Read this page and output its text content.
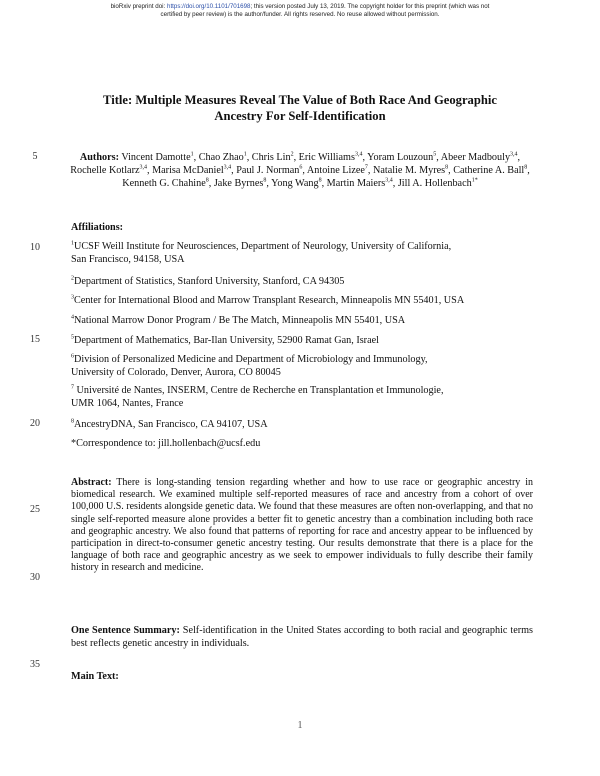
bioRxiv preprint doi: https://doi.org/10.1101/701698; this version posted July 13, 2019. The copyright holder for this preprint (which was not
certified by peer review) is the author/funder. All rights reserved. No reuse allowed without permission.
Title: Multiple Measures Reveal The Value of Both Race And Geographic
Ancestry For Self-Identification
5
10
15
20
25
30
35
Authors: Vincent Damotte$^1$, Chao Zhao$^1$, Chris Lin$^2$, Eric Williams$^{3,4}$, Yoram Louzoun$^5$, Abeer Madbouly$^{3,4}$, Rochelle Kotlarz$^{3,4}$, Marisa McDaniel$^{3,4}$, Paul J. Norman$^6$, Antoine Lizee$^7$, Natalie M. Myres$^8$, Catherine A. Ball$^8$, Kenneth G. Chahine$^8$, Jake Byrnes$^8$, Yong Wang$^8$, Martin Maiers$^{3,4}$, Jill A. Hollenbach$^{1*}$
Affiliations:
$^1$UCSF Weill Institute for Neurosciences, Department of Neurology, University of California,
San Francisco, 94158, USA
$^2$Department of Statistics, Stanford University, Stanford, CA 94305
$^3$Center for International Blood and Marrow Transplant Research, Minneapolis MN 55401, USA
$^4$National Marrow Donor Program / Be The Match, Minneapolis MN 55401, USA
$^5$Department of Mathematics, Bar-Ilan University, 52900 Ramat Gan, Israel
$^6$Division of Personalized Medicine and Department of Microbiology and Immunology,
University of Colorado, Denver, Aurora, CO 80045
$^7$ Université de Nantes, INSERM, Centre de Recherche en Transplantation et Immunologie,
UMR 1064, Nantes, France
$^8$AncestryDNA, San Francisco, CA 94107, USA
*Correspondence to: jill.hollenbach@ucsf.edu
Abstract: There is long-standing tension regarding whether and how to use race or geographic ancestry in biomedical research. We examined multiple self-reported measures of race and ancestry from a cohort of over 100,000 U.S. residents alongside genetic data. We found that these measures are often non-overlapping, and that no single self-reported measure alone provides a better fit to genetic ancestry than a combination including both race and geographic ancestry. We also found that patterns of reporting for race and ancestry appear to be influenced by participation in direct-to-consumer genetic ancestry testing. Our results demonstrate that there is a place for the language of both race and geographic ancestry as we seek to empower individuals to fully describe their family history in research and medicine.
One Sentence Summary: Self-identification in the United States according to both racial and geographic terms best reflects genetic ancestry in individuals.
Main Text:
1
